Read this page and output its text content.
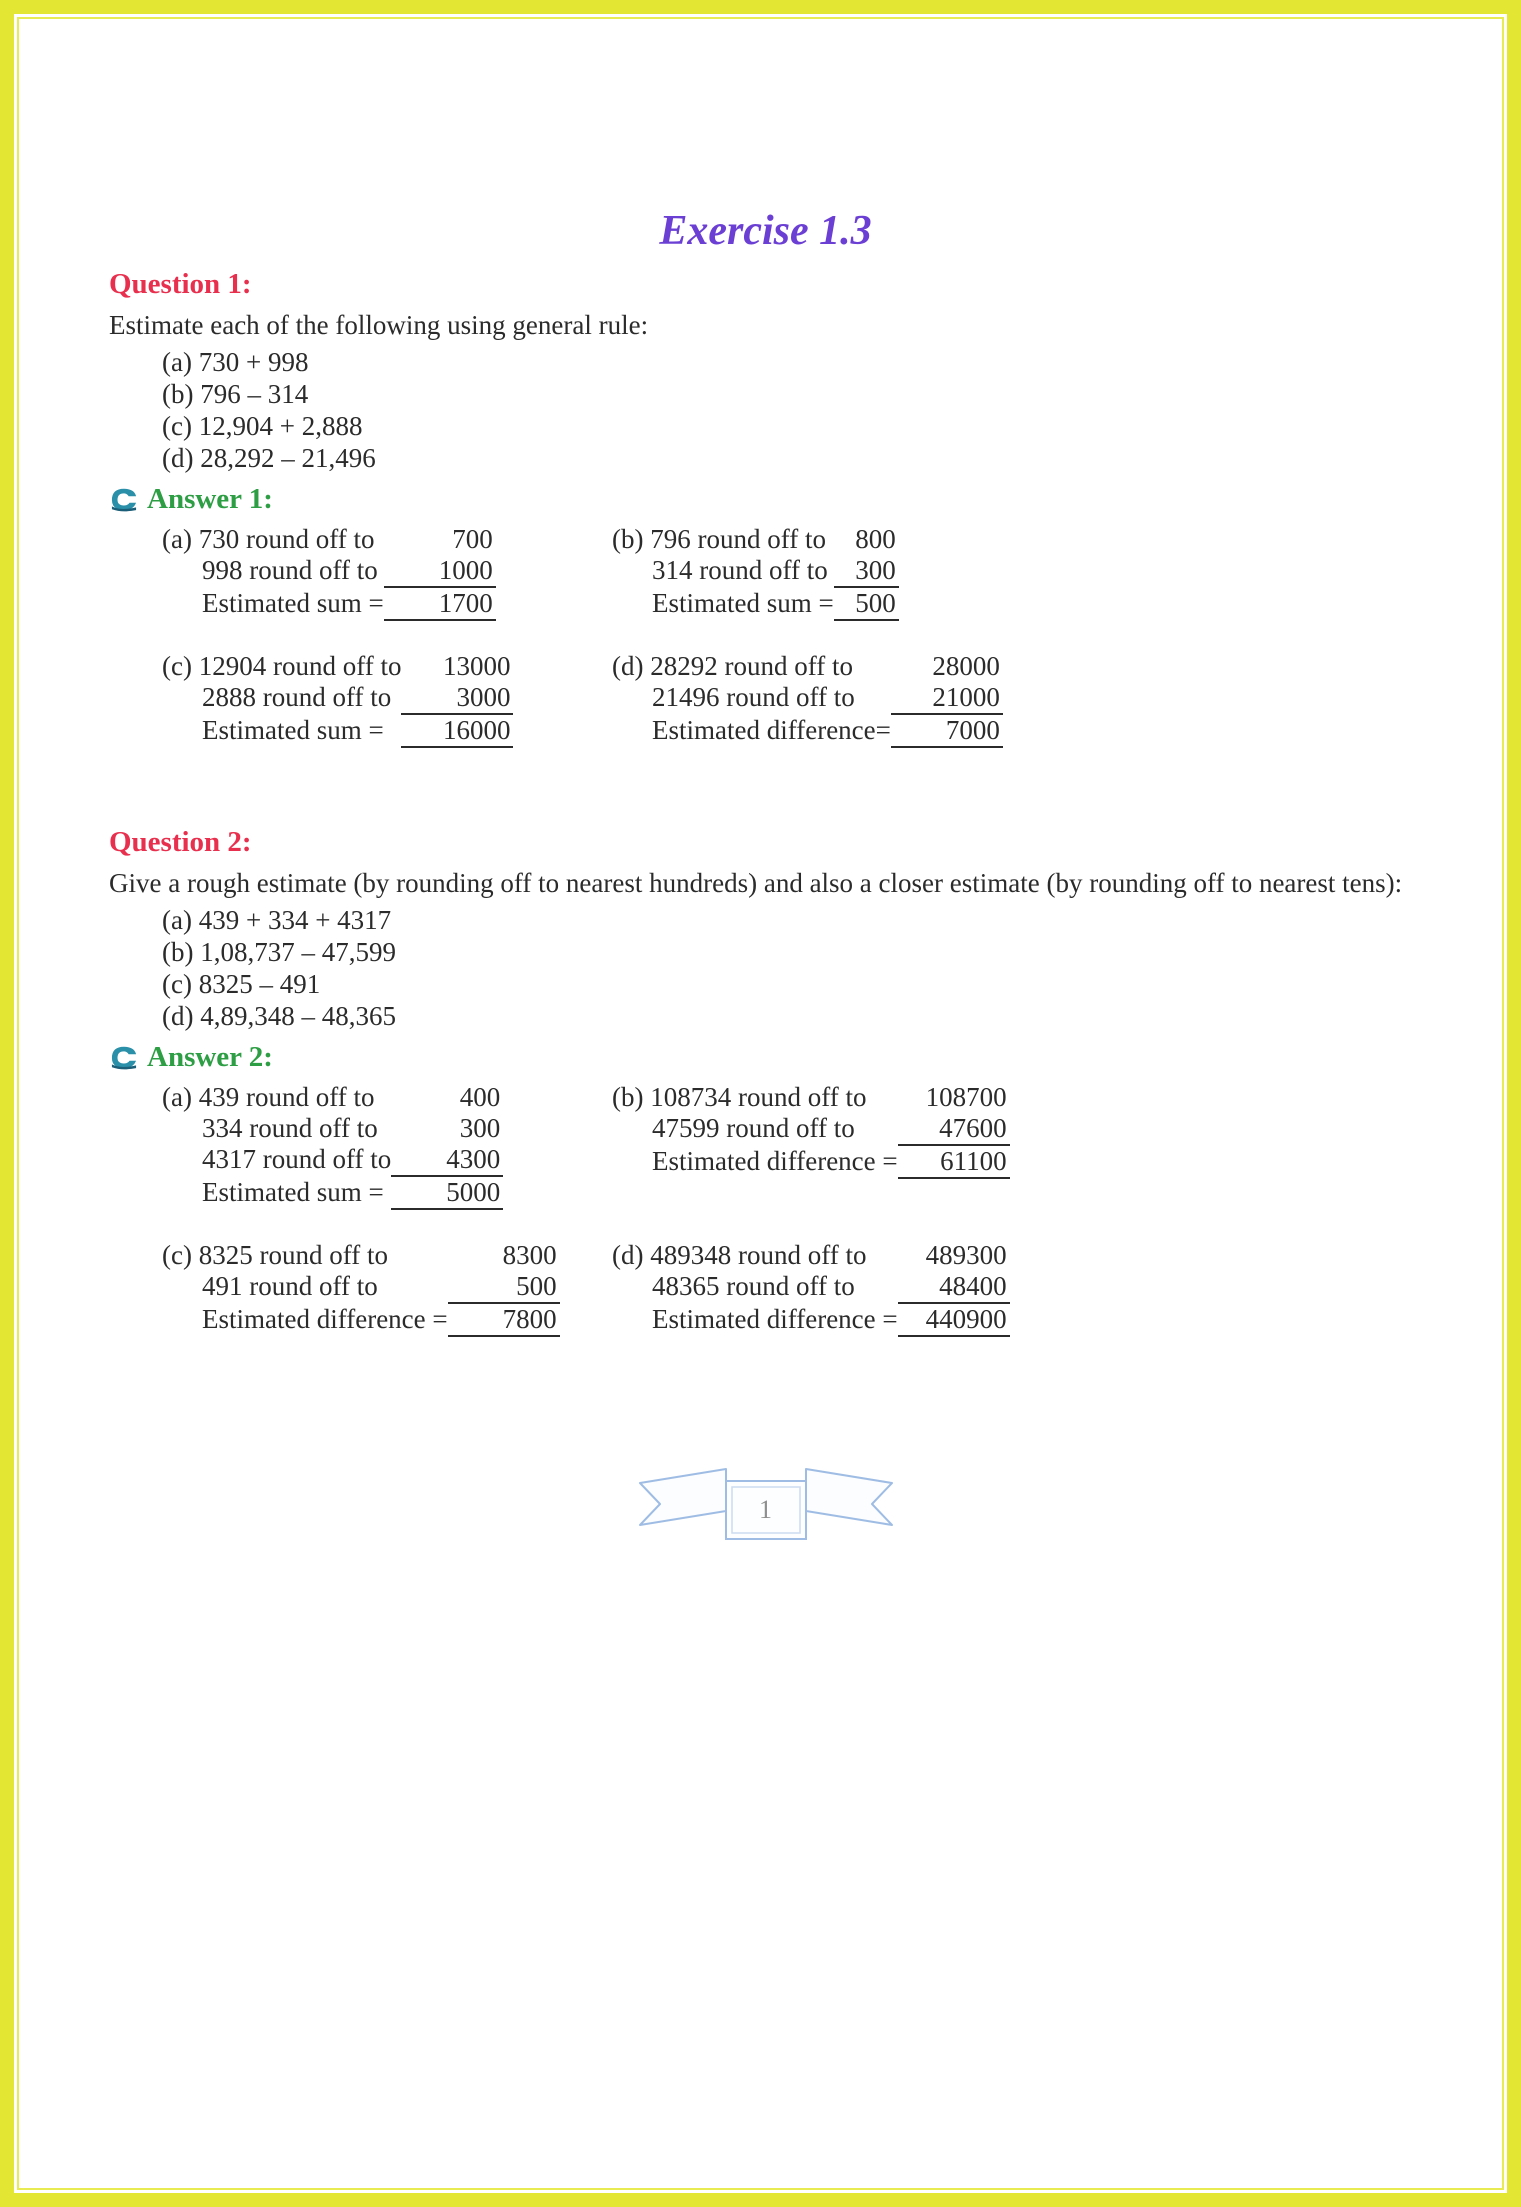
Exercise 1.3
Question 1:

Estimate each of the following using general rule:

(a) 730 + 998
(b) 796 – 314
(c) 12,904 + 2,888
(d) 28,292 – 21,496
Answer 1:
(a) 730 round off to	700
998 round off to	1000
Estimated sum =	1700
(b) 796 round off to	800
314 round off to	300
Estimated sum = 500
(c) 12904 round off to	13000
2888 round off to	3000
Estimated sum =	16000
(d) 28292 round off to	28000
21496 round off to	21000
Estimated difference=	7000
Question 2:

Give a rough estimate (by rounding off to nearest hundreds) and also a closer estimate (by rounding off to nearest tens):

(a) 439 + 334 + 4317
(b) 1,08,737 – 47,599
(c) 8325 – 491
(d) 4,89,348 – 48,365
Answer 2:
(a) 439 round off to	400
334 round off to	300
4317 round off to	4300
Estimated sum =	5000
(b) 108734 round off to	108700
47599 round off to	47600
Estimated difference =	61100
(c) 8325 round off to	8300
491 round off to	500
Estimated difference =	7800
(d) 489348 round off to	489300
48365 round off to	48400
Estimated difference =	440900
1
